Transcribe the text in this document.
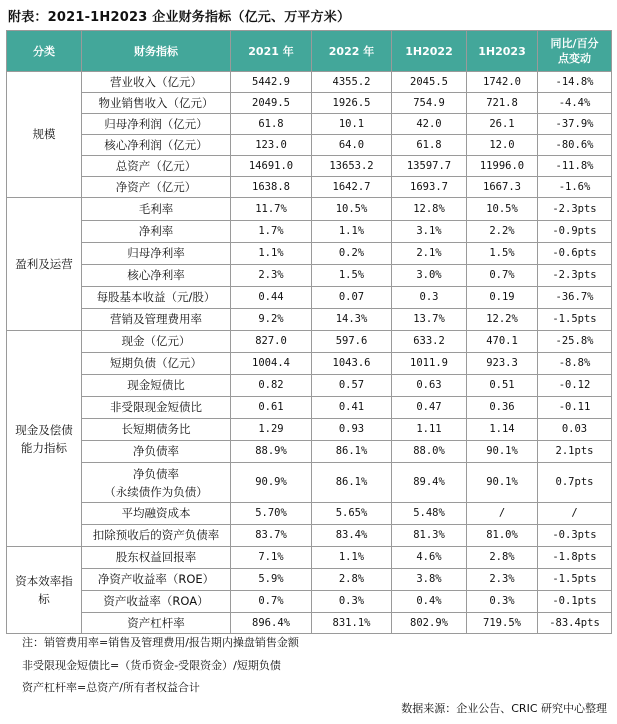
附表：2021-1H2023 企业财务指标（亿元、万平方米）
分类	财务指标	2021 年	2022 年	1H2022	1H2023	同比/百分
点变动
规模	营业收入（亿元）	5442.9	4355.2	2045.5	1742.0	-14.8%
	物业销售收入（亿元）	2049.5	1926.5	754.9	721.8	-4.4%
	归母净利润（亿元）	61.8	10.1	42.0	26.1	-37.9%
	核心净利润（亿元）	123.0	64.0	61.8	12.0	-80.6%
	总资产（亿元）	14691.0	13653.2	13597.7	11996.0	-11.8%
	净资产（亿元）	1638.8	1642.7	1693.7	1667.3	-1.6%
盈利及运营	毛利率	11.7%	10.5%	12.8%	10.5%	-2.3pts
	净利率	1.7%	1.1%	3.1%	2.2%	-0.9pts
	归母净利率	1.1%	0.2%	2.1%	1.5%	-0.6pts
	核心净利率	2.3%	1.5%	3.0%	0.7%	-2.3pts
	每股基本收益（元/股）	0.44	0.07	0.3	0.19	-36.7%
	营销及管理费用率	9.2%	14.3%	13.7%	12.2%	-1.5pts
现金及偿债
能力指标	现金（亿元）	827.0	597.6	633.2	470.1	-25.8%
	短期负债（亿元）	1004.4	1043.6	1011.9	923.3	-8.8%
	现金短债比	0.82	0.57	0.63	0.51	-0.12
	非受限现金短债比	0.61	0.41	0.47	0.36	-0.11
	长短期债务比	1.29	0.93	1.11	1.14	0.03
	净负债率	88.9%	86.1%	88.0%	90.1%	2.1pts
	净负债率
（永续债作为负债）	90.9%	86.1%	89.4%	90.1%	0.7pts
	平均融资成本	5.70%	5.65%	5.48%	/	/
	扣除预收后的资产负债率	83.7%	83.4%	81.3%	81.0%	-0.3pts
资本效率指
标	股东权益回报率	7.1%	1.1%	4.6%	2.8%	-1.8pts
	净资产收益率（ROE）	5.9%	2.8%	3.8%	2.3%	-1.5pts
	资产收益率（ROA）	0.7%	0.3%	0.4%	0.3%	-0.1pts
	资产杠杆率	896.4%	831.1%	802.9%	719.5%	-83.4pts
注：销管费用率=销售及管理费用/报告期内操盘销售金额
非受限现金短债比=（货币资金-受限资金）/短期负债
资产杠杆率=总资产/所有者权益合计
数据来源：企业公告、CRIC 研究中心整理
